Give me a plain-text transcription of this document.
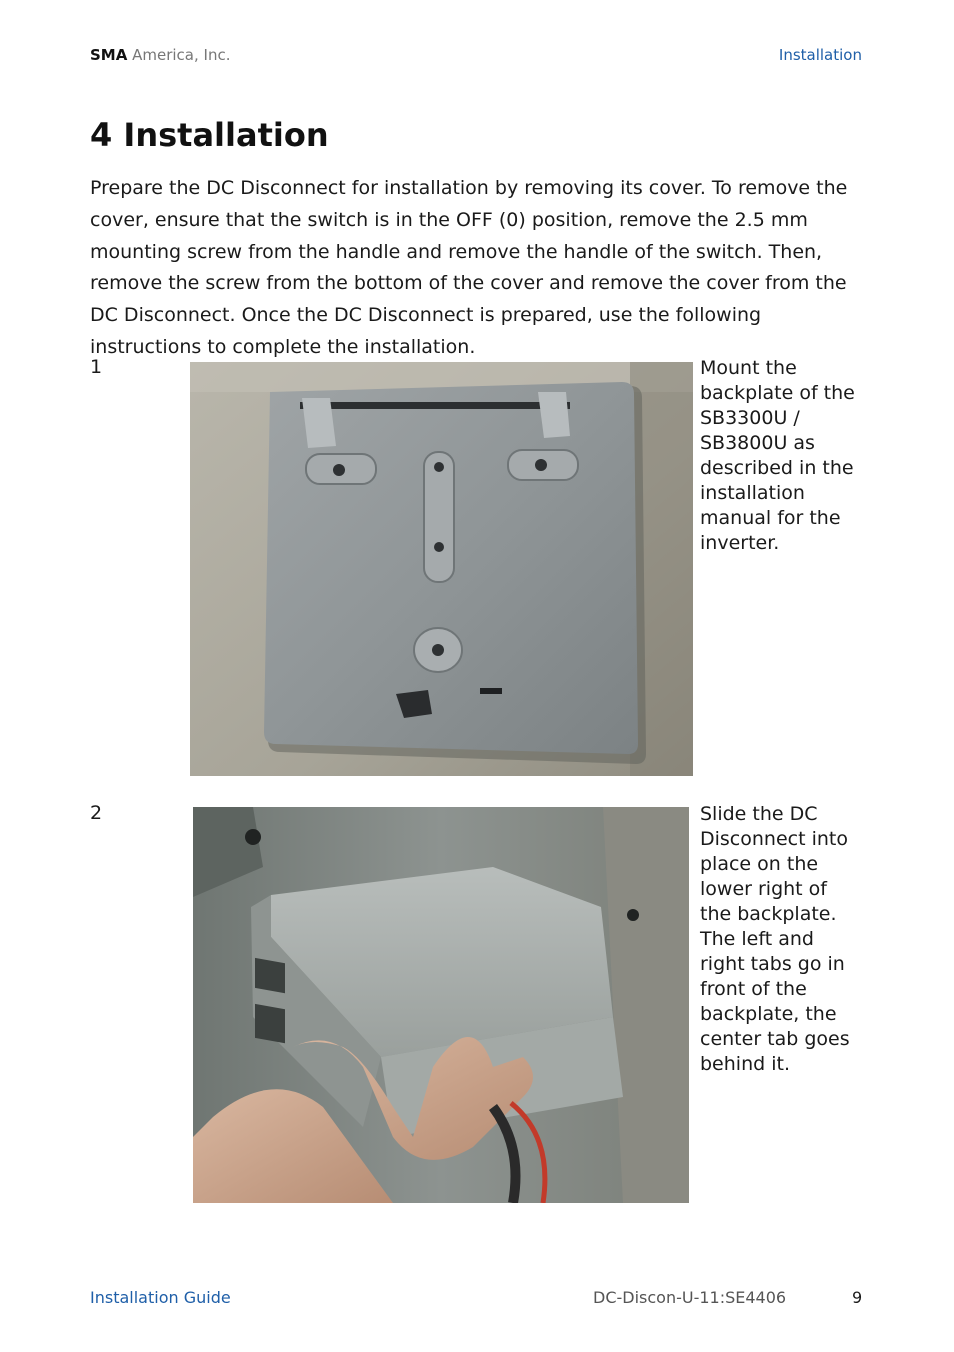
SMA America, Inc.	Installation
4 Installation

Prepare the DC Disconnect for installation by removing its cover. To remove the cover, ensure that the switch is in the OFF (0) position, remove the 2.5 mm mounting screw from the handle and remove the handle of the switch. Then, remove the screw from the bottom of the cover and remove the cover from the DC Disconnect. Once the DC Disconnect is prepared, use the following instructions to complete the installation.

1	Mount the backplate of the SB3300U / SB3800U as described in the installation manual for the inverter.
2	Slide the DC Disconnect into place on the lower right of the backplate. The left and right tabs go in front of the backplate, the center tab goes behind it.
Installation Guide	DC-Discon-U-11:SE4406	9
